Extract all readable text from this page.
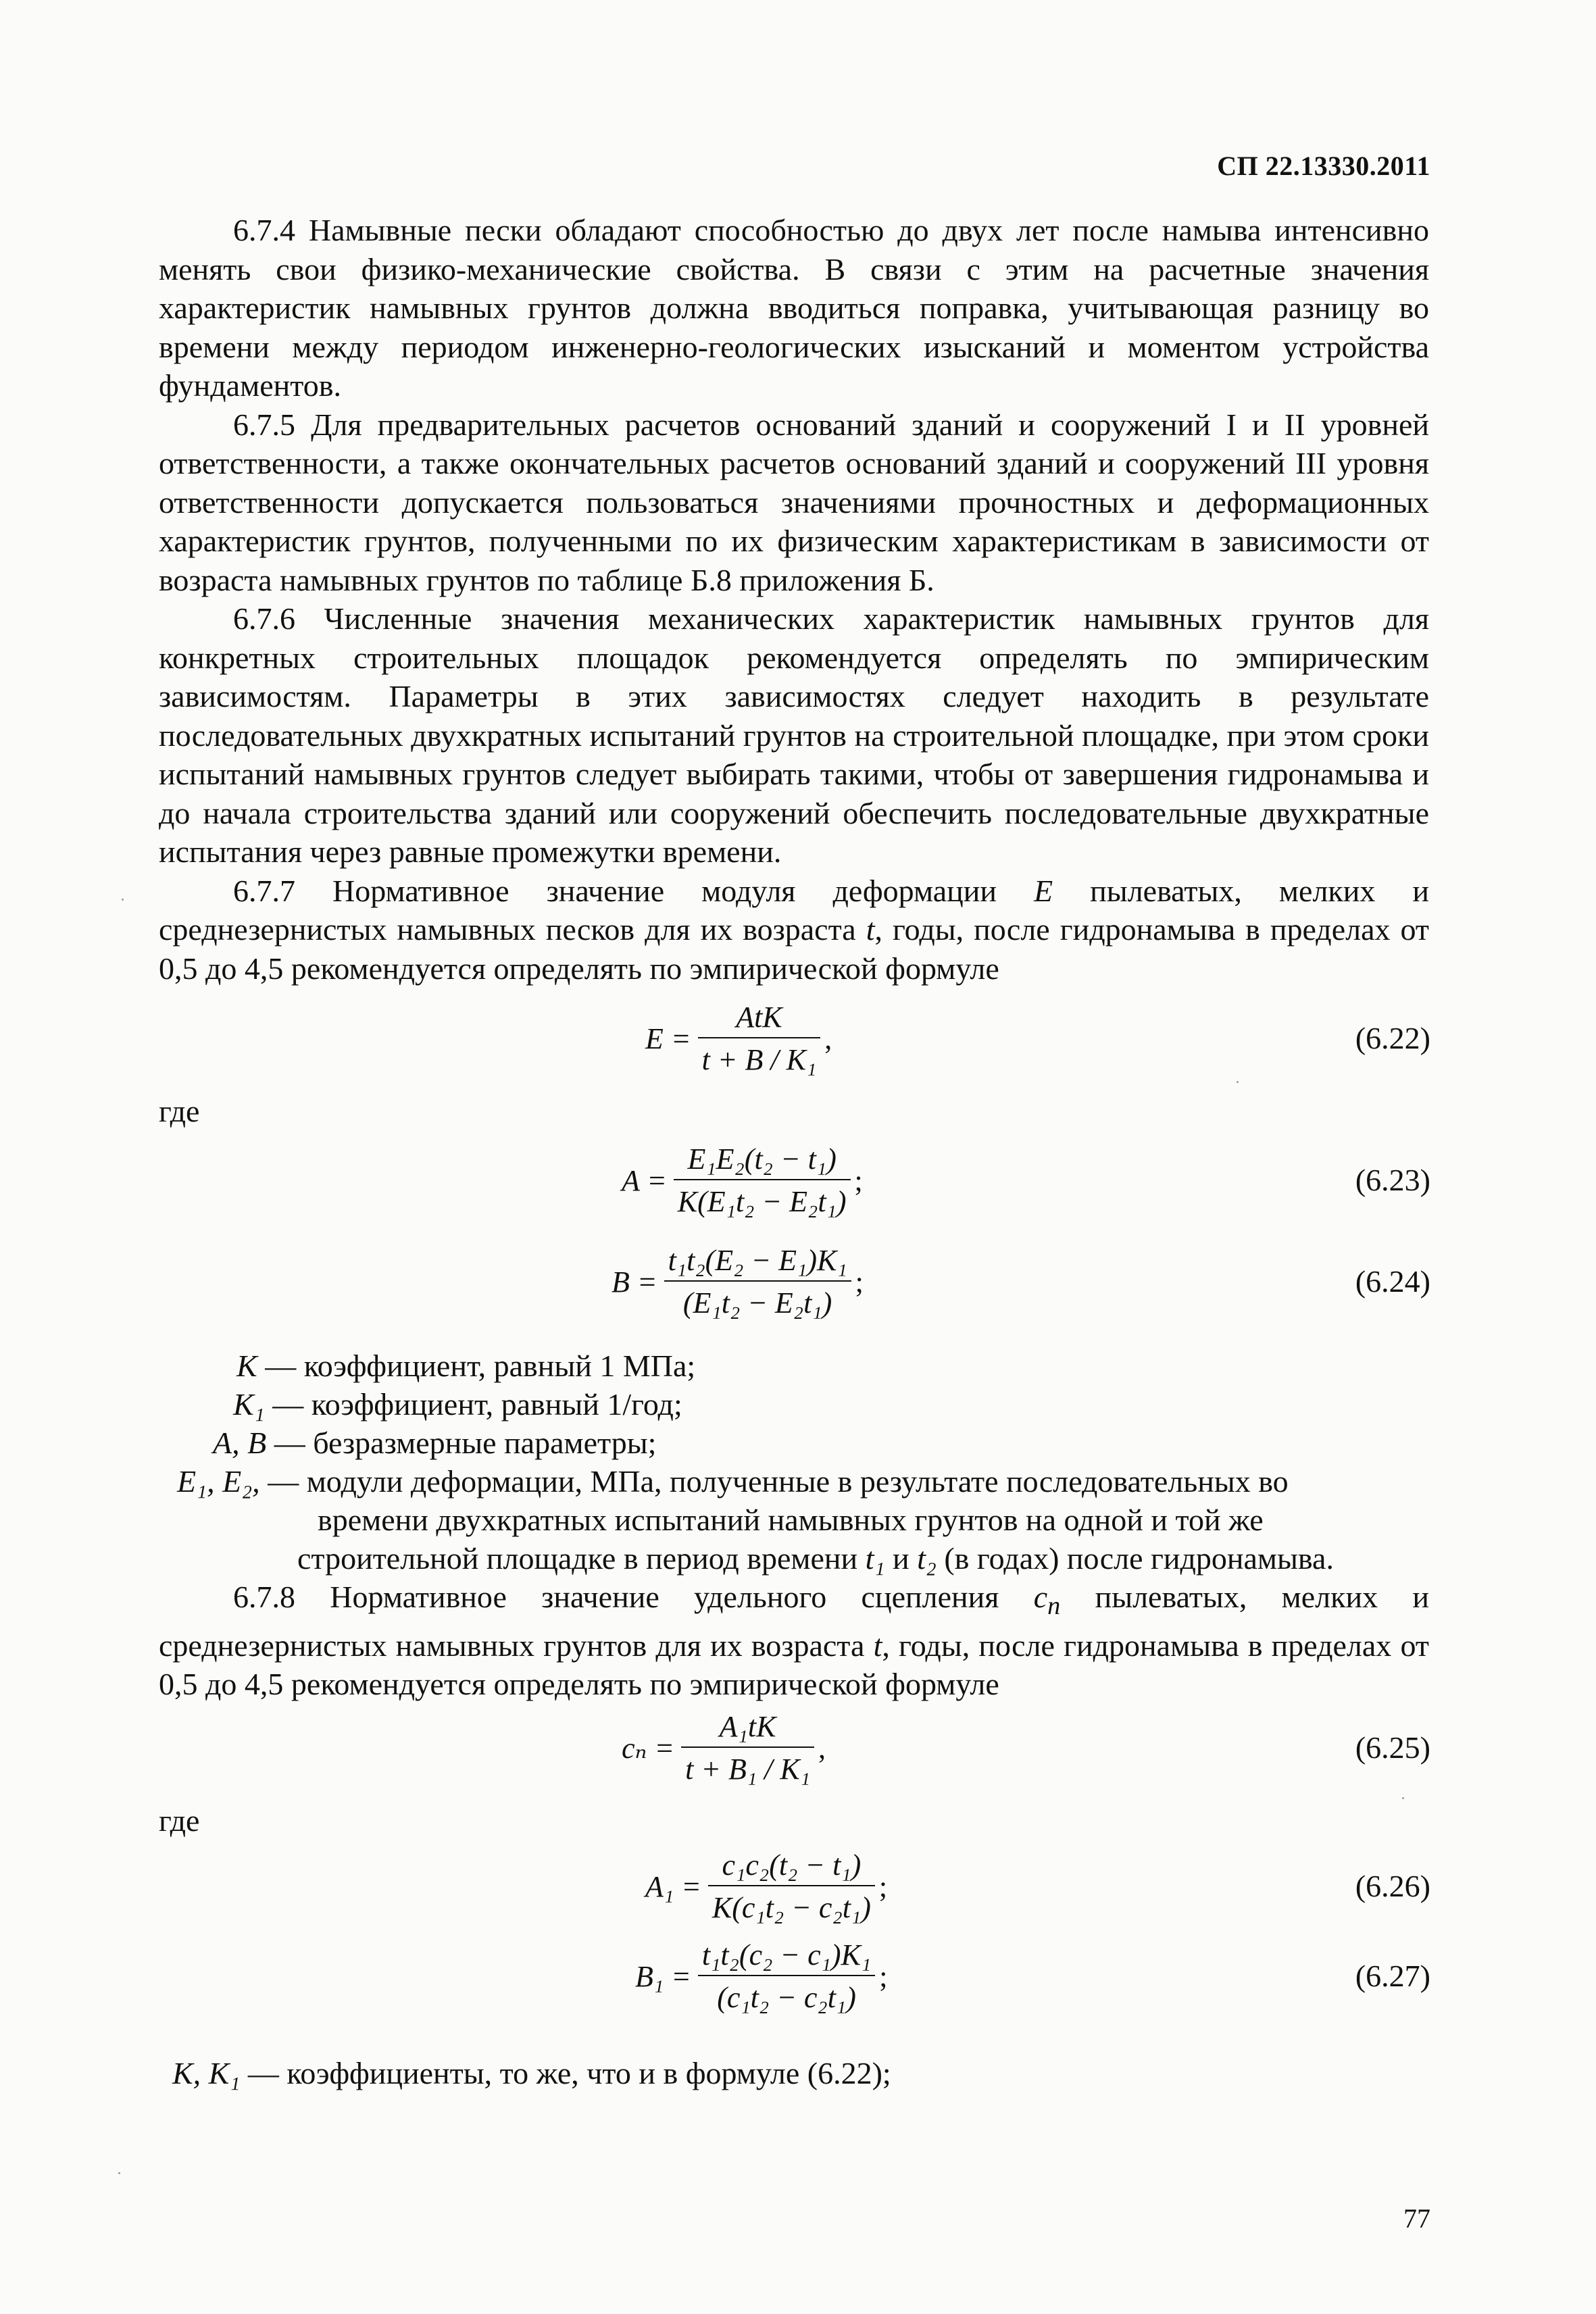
СП 22.13330.2011

6.7.4 Намывные пески обладают способностью до двух лет после намыва интенсивно менять свои физико-механические свойства. В связи с этим на расчетные значения характеристик намывных грунтов должна вводиться поправка, учитывающая разницу во времени между периодом инженерно-геологических изысканий и моментом устройства фундаментов.

6.7.5 Для предварительных расчетов оснований зданий и сооружений I и II уровней ответственности, а также окончательных расчетов оснований зданий и сооружений III уровня ответственности допускается пользоваться значениями прочностных и деформационных характеристик грунтов, полученными по их физическим характеристикам в зависимости от возраста намывных грунтов по таблице Б.8 приложения Б.

6.7.6 Численные значения механических характеристик намывных грунтов для конкретных строительных площадок рекомендуется определять по эмпирическим зависимостям. Параметры в этих зависимостях следует находить в результате последовательных двухкратных испытаний грунтов на строительной площадке, при этом сроки испытаний намывных грунтов следует выбирать такими, чтобы от завершения гидронамыва и до начала строительства зданий или сооружений обеспечить последовательные двухкратные испытания через равные промежутки времени.

6.7.7 Нормативное значение модуля деформации E пылеватых, мелких и среднезернистых намывных песков для их возраста t, годы, после гидронамыва в пределах от 0,5 до 4,5 рекомендуется определять по эмпирической формуле

$E = \frac{\text{AtK}}{\text{t + B / K₁}}$ ,	(6.22)
где
$A = \frac{\text{E₁E₂(t₂ − t₁)}}{\text{K(E₁t₂ − E₂t₁)}}$ ;	(6.23)
$B = \frac{\text{t₁t₂(E₂ − E₁)K₁}}{\text{(E₁t₂ − E₂t₁)}}$ ;	(6.24)
K — коэффициент, равный 1 МПа;
K₁ — коэффициент, равный 1/год;
A, B — безразмерные параметры;
E₁, E₂, — модули деформации, МПа, полученные в результате последовательных во
времени двухкратных испытаний намывных грунтов на одной и той же
строительной площадке в период времени t₁ и t₂ (в годах) после гидронамыва.

6.7.8 Нормативное значение удельного сцепления $c_n$ пылеватых, мелких и среднезернистых намывных грунтов для их возраста t, годы, после гидронамыва в пределах от 0,5 до 4,5 рекомендуется определять по эмпирической формуле

$c_n = \frac{\text{A₁tK}}{\text{t + B₁ / K₁}}$ ,	(6.25)
где
$A_1 = \frac{\text{c₁c₂(t₂ − t₁)}}{\text{K(c₁t₂ − c₂t₁)}}$ ;	(6.26)
$B_1 = \frac{\text{t₁t₂(c₂ − c₁)K₁}}{\text{(c₁t₂ − c₂t₁)}}$ ;	(6.27)
K, K₁ — коэффициенты, то же, что и в формуле (6.22);
77
